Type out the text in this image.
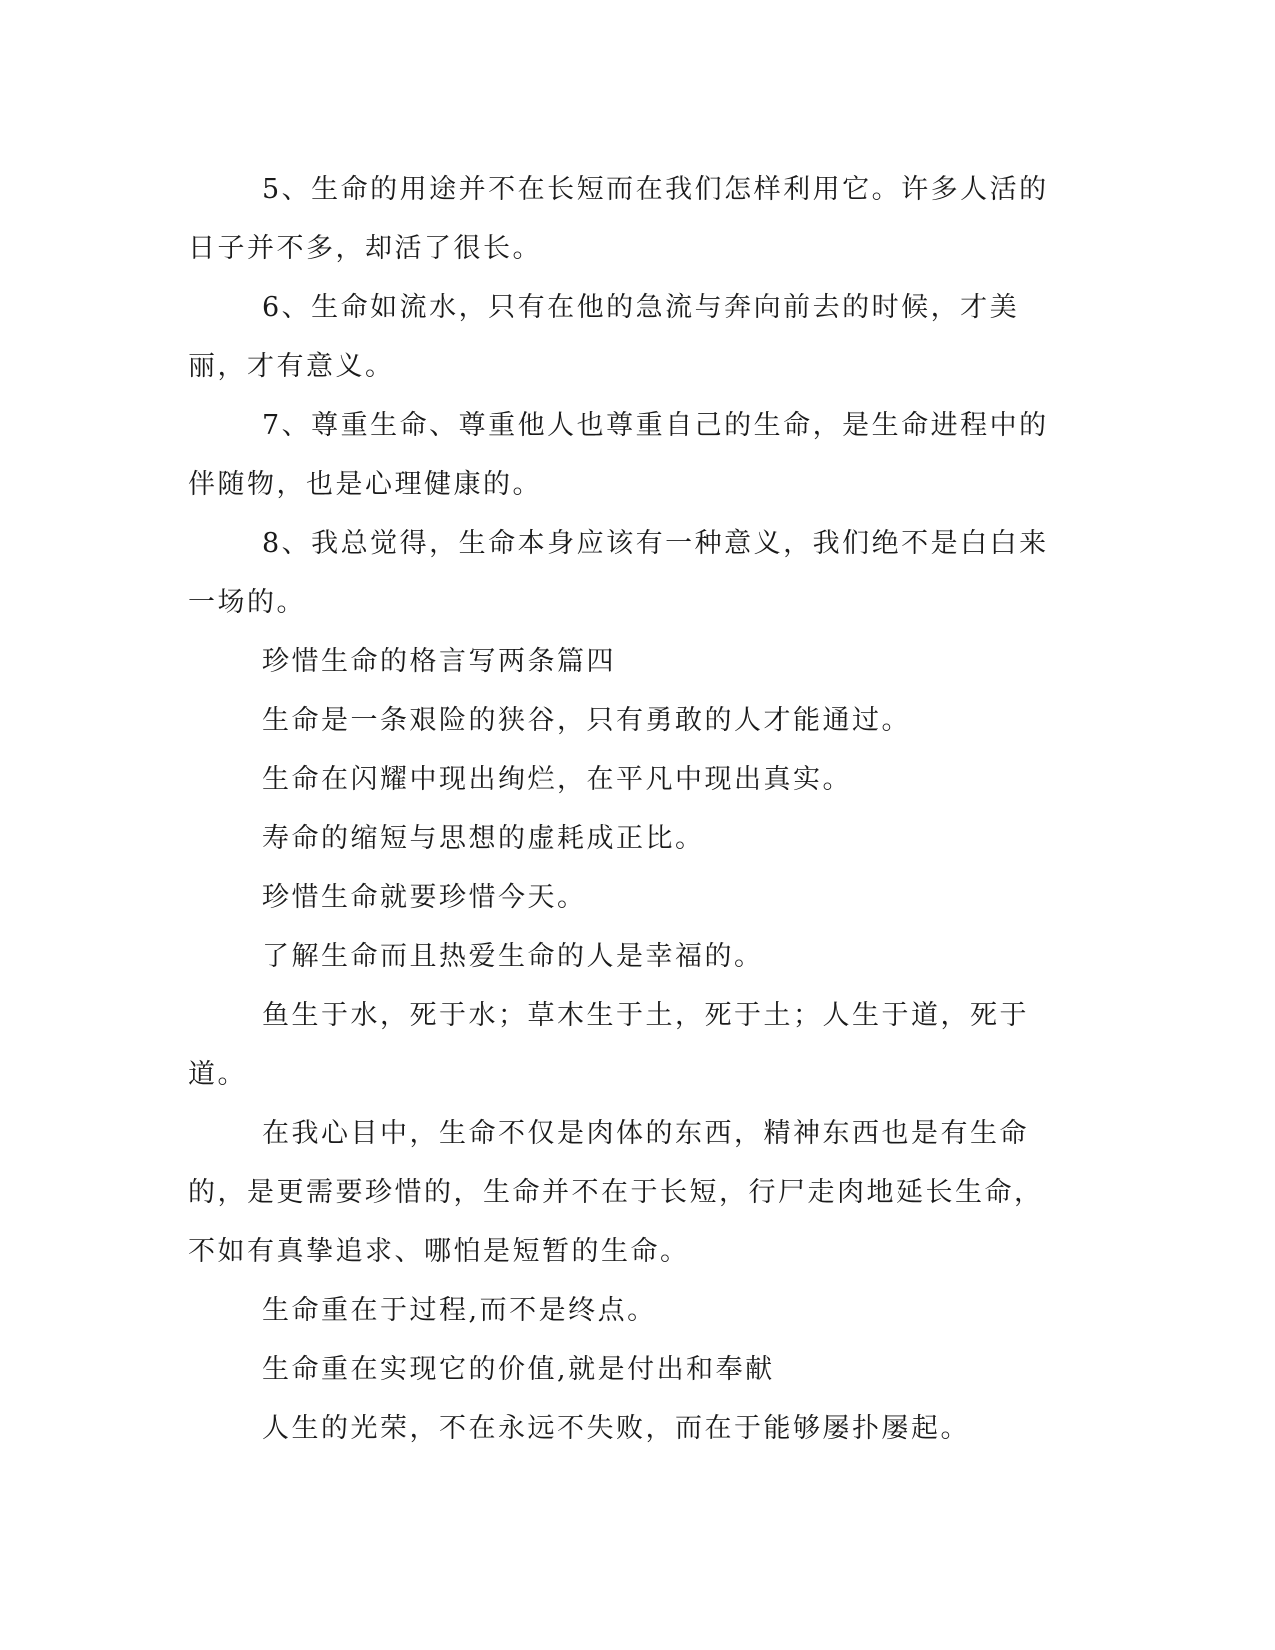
5、生命的用途并不在长短而在我们怎样利用它。许多人活的日子并不多，却活了很长。

6、生命如流水，只有在他的急流与奔向前去的时候，才美丽，才有意义。

7、尊重生命、尊重他人也尊重自己的生命，是生命进程中的伴随物，也是心理健康的。

8、我总觉得，生命本身应该有一种意义，我们绝不是白白来一场的。

珍惜生命的格言写两条篇四

生命是一条艰险的狭谷，只有勇敢的人才能通过。

生命在闪耀中现出绚烂，在平凡中现出真实。

寿命的缩短与思想的虚耗成正比。

珍惜生命就要珍惜今天。

了解生命而且热爱生命的人是幸福的。

鱼生于水，死于水；草木生于土，死于土；人生于道，死于道。

在我心目中，生命不仅是肉体的东西，精神东西也是有生命的，是更需要珍惜的，生命并不在于长短，行尸走肉地延长生命，不如有真挚追求、哪怕是短暂的生命。

生命重在于过程,而不是终点。

生命重在实现它的价值,就是付出和奉献

人生的光荣，不在永远不失败，而在于能够屡扑屡起。
